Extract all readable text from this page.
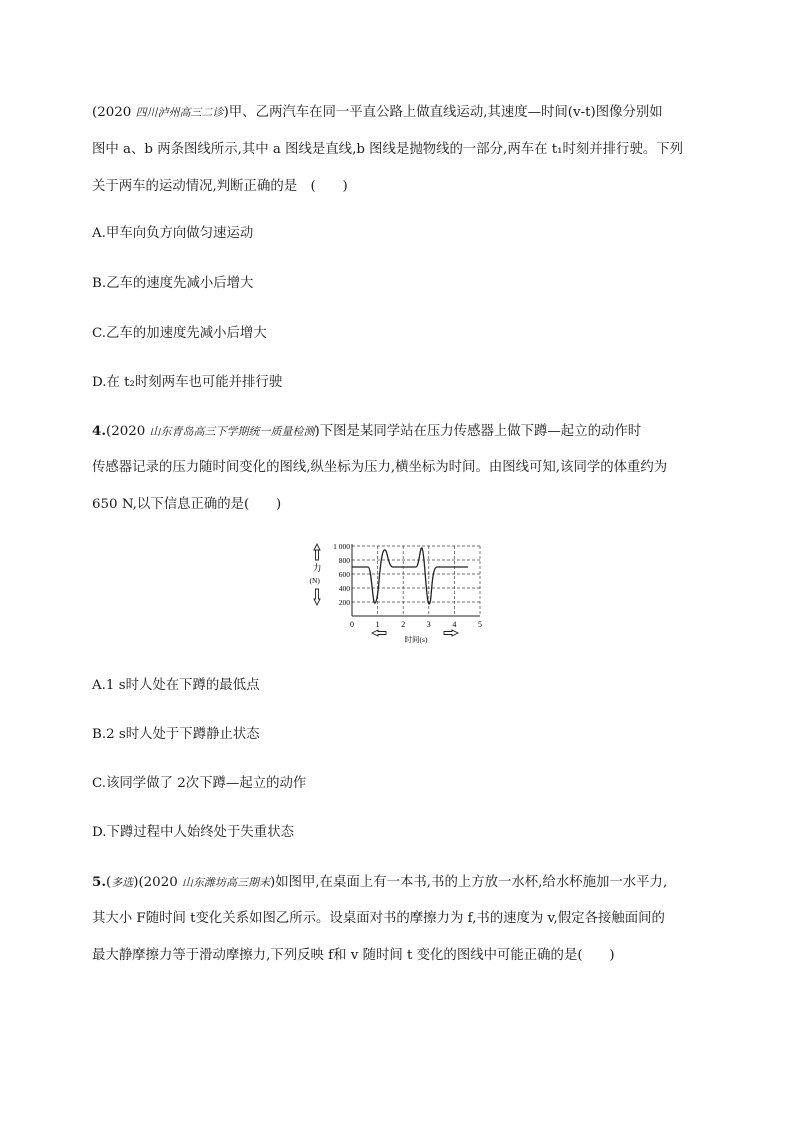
(2020 四川泸州高三二诊)甲、乙两汽车在同一平直公路上做直线运动,其速度—时间(v-t)图像分别如
图中 a、b 两条图线所示,其中 a 图线是直线,b 图线是抛物线的一部分,两车在 t₁时刻并排行驶。下列
关于两车的运动情况,判断正确的是　(　　)
A.甲车向负方向做匀速运动
B.乙车的速度先减小后增大
C.乙车的加速度先减小后增大
D.在 t₂时刻两车也可能并排行驶
4.(2020 山东青岛高三下学期统一质量检测)下图是某同学站在压力传感器上做下蹲—起立的动作时
传感器记录的压力随时间变化的图线,纵坐标为压力,横坐标为时间。由图线可知,该同学的体重约为
650 N,以下信息正确的是(　　)
力
(N)
1 000
800
600
400
200
0	1	2	3	4	5
时间(s)
A.1 s时人处在下蹲的最低点
B.2 s时人处于下蹲静止状态
C.该同学做了 2次下蹲—起立的动作
D.下蹲过程中人始终处于失重状态
5.(多选)(2020 山东潍坊高三期末)如图甲,在桌面上有一本书,书的上方放一水杯,给水杯施加一水平力,
其大小 F随时间 t变化关系如图乙所示。设桌面对书的摩擦力为 f,书的速度为 v,假定各接触面间的
最大静摩擦力等于滑动摩擦力,下列反映 f和 v 随时间 t 变化的图线中可能正确的是(　　)
